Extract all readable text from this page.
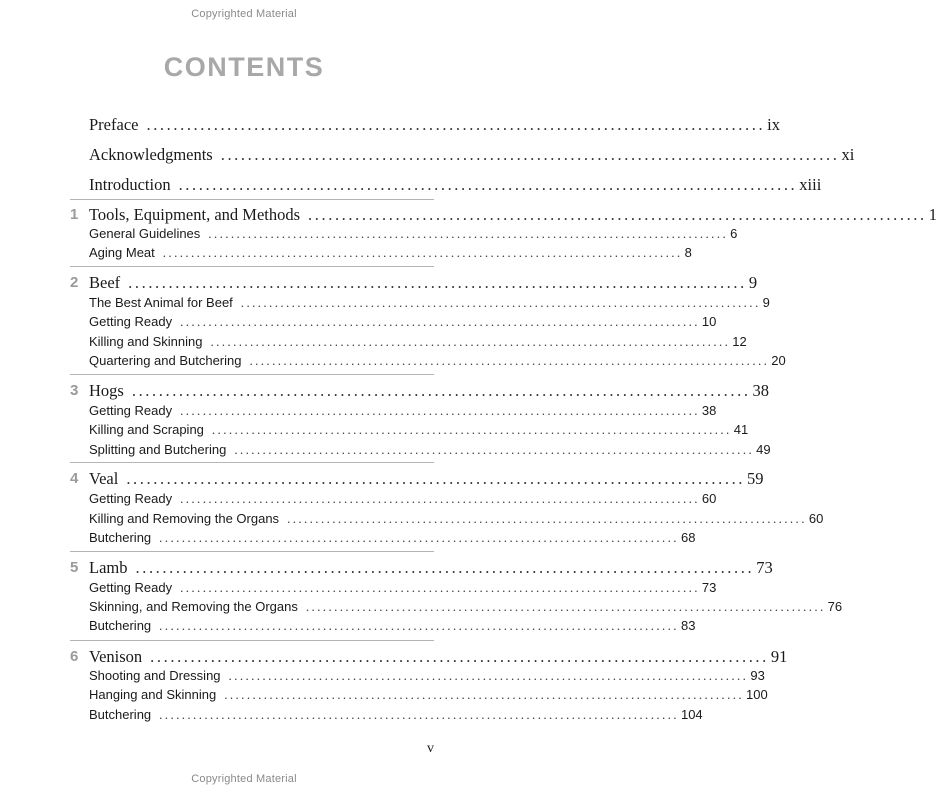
Copyrighted Material
CONTENTS
Preface ............................................................................................ ix
Acknowledgments ............................................................................................ xi
Introduction ............................................................................................ xiii
1 Tools, Equipment, and Methods ............................................................................................ 1
General Guidelines ............................................................................................ 6
Aging Meat ............................................................................................ 8
2 Beef ............................................................................................ 9
The Best Animal for Beef ............................................................................................ 9
Getting Ready ............................................................................................ 10
Killing and Skinning ............................................................................................ 12
Quartering and Butchering ............................................................................................ 20
3 Hogs ............................................................................................ 38
Getting Ready ............................................................................................ 38
Killing and Scraping ............................................................................................ 41
Splitting and Butchering ............................................................................................ 49
4 Veal ............................................................................................ 59
Getting Ready ............................................................................................ 60
Killing and Removing the Organs ............................................................................................ 60
Butchering ............................................................................................ 68
5 Lamb ............................................................................................ 73
Getting Ready ............................................................................................ 73
Skinning, and Removing the Organs ............................................................................................ 76
Butchering ............................................................................................ 83
6 Venison ............................................................................................ 91
Shooting and Dressing ............................................................................................ 93
Hanging and Skinning ............................................................................................ 100
Butchering ............................................................................................ 104
v
Copyrighted Material
